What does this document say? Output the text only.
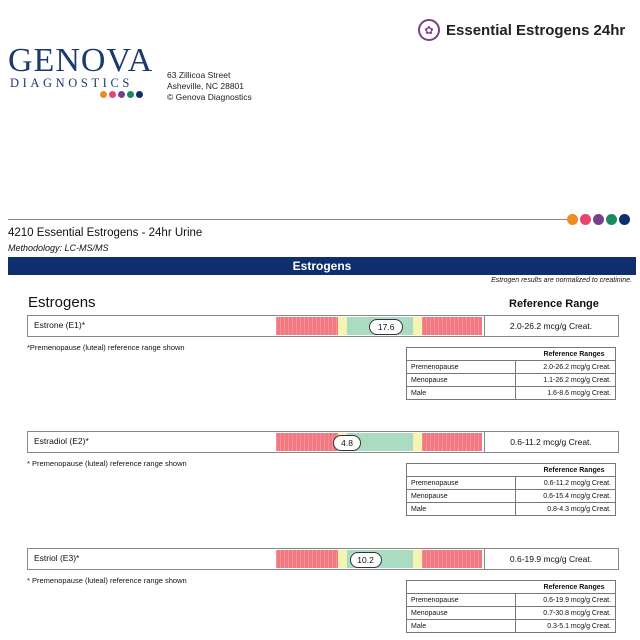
GENOVA
DIAGNOSTICS
63 Zillicoa Street
Asheville, NC 28801
© Genova Diagnostics
✿ Essential Estrogens 24hr
4210 Essential Estrogens - 24hr Urine
Methodology: LC-MS/MS
Estrogens
Estrogen results are normalized to creatinine.
Estrogens	Reference Range
Estrone (E1)*	17.6	2.0-26.2 mcg/g Creat.
*Premenopause (luteal) reference range shown
Reference Ranges	
Premenopause	2.0-26.2 mcg/g Creat.
Menopause	1.1-26.2 mcg/g Creat.
Male	1.6-8.6 mcg/g Creat.
Estradiol (E2)*	4.8	0.6-11.2 mcg/g Creat.
* Premenopause (luteal) reference range shown
Reference Ranges	
Premenopause	0.6-11.2 mcg/g Creat.
Menopause	0.6-15.4 mcg/g Creat.
Male	0.8-4.3 mcg/g Creat.
Estriol (E3)*	10.2	0.6-19.9 mcg/g Creat.
* Premenopause (luteal) reference range shown
Reference Ranges	
Premenopause	0.6-19.9 mcg/g Creat.
Menopause	0.7-30.8 mcg/g Creat.
Male	0.3-5.1 mcg/g Creat.
